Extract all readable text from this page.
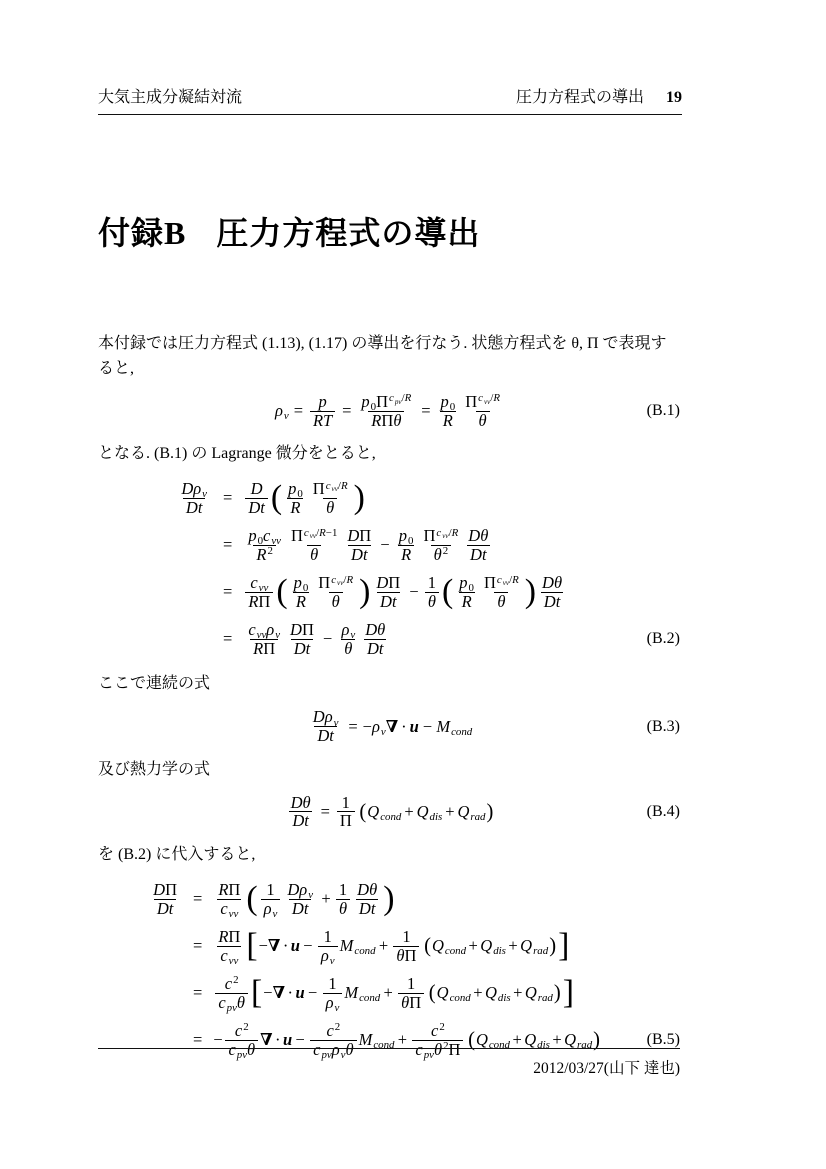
大気主成分凝結対流	圧力方程式の導出 19
付録B 圧力方程式の導出

本付録では圧力方程式 (1.13), (1.17) の導出を行なう. 状態方程式を θ, Π で表現すると,

$\rho_v = \frac{p}{RT} = \frac{p_0\Pi^{c_{pv}/R}}{\text{RΠθ}} = \frac{p_0}{R} \frac{\Pi^{c_{vv}/R}}{\theta}$	(B.1)

となる. (B.1) の Lagrange 微分をとると,

$\frac{D\rho_v}{Dt} = \frac{D}{Dt}$ ( $\frac{p_0}{R} \frac{\Pi^{c_{vv}/R}}{\theta}$ )
= $\frac{p_0c_{vv}}{R^2} \frac{\Pi^{c_{vv}/R-1}}{\theta} \frac{D\Pi}{Dt} - \frac{p_0}{R} \frac{\Pi^{c_{vv}/R}}{\theta^2} \frac{D\theta}{Dt}$
= $\frac{c_{vv}}{R\Pi}$ ( $\frac{p_0}{R} \frac{\Pi^{c_{vv}/R}}{\theta}$ ) $\frac{D\Pi}{Dt} - \frac{1}{\theta}$ ( $\frac{p_0}{R} \frac{\Pi^{c_{vv}/R}}{\theta}$ ) $\frac{D\theta}{Dt}$
= $\frac{c_{vv}\rho_v}{R\Pi} \frac{D\Pi}{Dt} - \frac{\rho_v}{\theta} \frac{D\theta}{Dt}$	(B.2)

ここで連続の式

$\frac{D\rho_v}{Dt} = -\rho_v\nabla \cdot u - M_{cond}$	(B.3)

及び熱力学の式

$\frac{D\theta}{Dt} = \frac{1}{\Pi}$ ( $Q_{cond} + Q_{dis} + Q_{rad}$ )	(B.4)

を (B.2) に代入すると,

$\frac{D\Pi}{Dt} = \frac{R\Pi}{c_{vv}}$ ( $\frac{1}{\rho_v} \frac{D\rho_v}{Dt} + \frac{1}{\theta} \frac{D\theta}{Dt}$ )
= $\frac{R\Pi}{c_{vv}}$ [ −∇ · $u - \frac{1}{\rho_v} M_{cond} + \frac{1}{\theta\Pi}$ ( $Q_{cond} + Q_{dis} + Q_{rad}$ ) ]
= $\frac{c^2}{c_{pv}\theta}$ [ −∇ · $u - \frac{1}{\rho_v} M_{cond} + \frac{1}{\theta\Pi}$ ( $Q_{cond} + Q_{dis} + Q_{rad}$ ) ]
= − $\frac{c^2}{c_{pv}\theta}$ ∇ · $u - \frac{c^2}{c_{pv}\rho_v\theta} M_{cond} + \frac{c^2}{c_{pv}\theta^2\Pi}$ ( $Q_{cond} + Q_{dis} + Q_{rad}$ )	(B.5)
2012/03/27(山下 達也)
